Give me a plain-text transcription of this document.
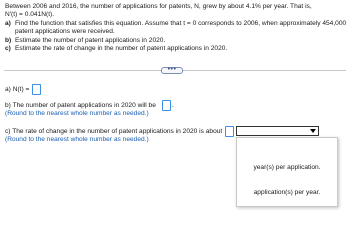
Between 2006 and 2016, the number of applications for patents, N, grew by about 4.1% per year. That is,
N′(t) = 0.041N(t).
a) Find the function that satisfies this equation. Assume that t = 0 corresponds to 2006, when approximately 454,000
patent applications were received.
b) Estimate the number of patent applications in 2020.
c) Estimate the rate of change in the number of patent applications in 2020.
•••
a) N(t) =
b) The number of patent applications in 2020 will be .
(Round to the nearest whole number as needed.)
c) The rate of change in the number of patent applications in 2020 is about
(Round to the nearest whole number as needed.)
year(s) per application.
application(s) per year.
